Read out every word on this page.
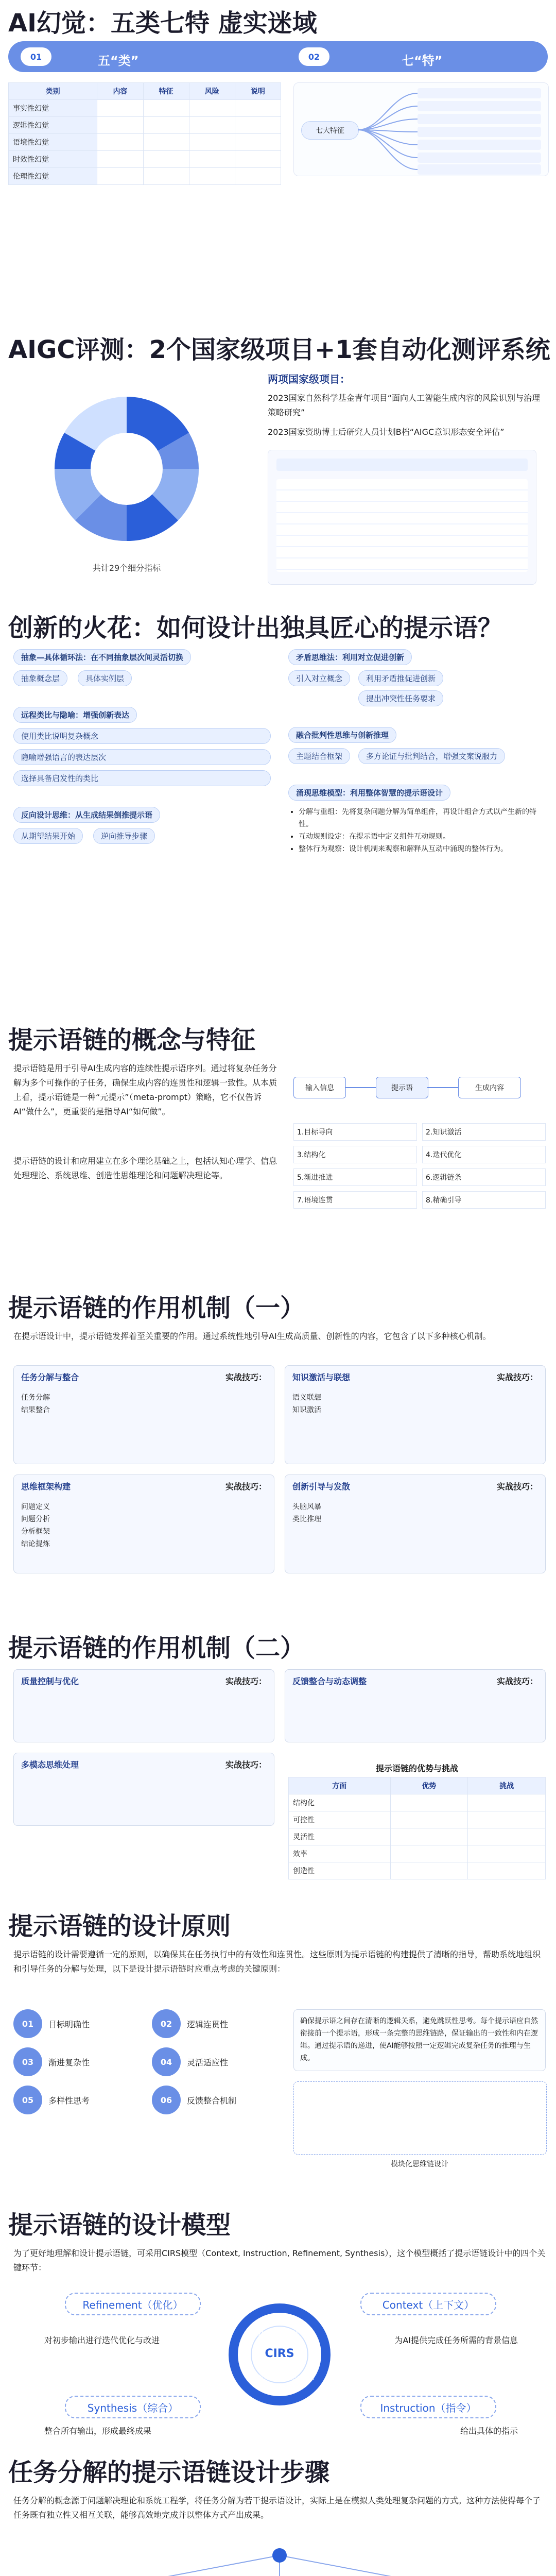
AI幻觉：五类七特 虚实迷域
01	五“类”	02	七“特”
类别	内容	特征	风险	说明
事实性幻觉				
逻辑性幻觉				
语境性幻觉				
时效性幻觉				
伦理性幻觉				
七大特征
AIGC评测：2个国家级项目+1套自动化测评系统
共计29个细分指标
两项国家级项目：
2023国家自然科学基金青年项目“面向人工智能生成内容的风险识别与治理策略研究”
2023国家资助博士后研究人员计划B档“AIGC意识形态安全评估”
创新的火花：如何设计出独具匠心的提示语？
抽象—具体循环法：在不同抽象层次间灵活切换
抽象概念层	具体实例层
远程类比与隐喻：增强创新表达
使用类比说明复杂概念
隐喻增强语言的表达层次
选择具备启发性的类比
反向设计思维：从生成结果倒推提示语
从期望结果开始	逆向推导步骤
矛盾思维法：利用对立促进创新
引入对立概念	利用矛盾推促进创新
提出冲突性任务要求
融合批判性思维与创新推理
主题结合框架	多方论证与批判结合，增强文案说服力
涌现思维模型：利用整体智慧的提示语设计
• 分解与重组：先将复杂问题分解为简单组件，再设计组合方式以产生新的特性。
• 互动规则设定：在提示语中定义组件互动规则。
• 整体行为观察：设计机制来观察和解释从互动中涌现的整体行为。
提示语链的概念与特征
提示语链是用于引导AI生成内容的连续性提示语序列。通过将复杂任务分解为多个可操作的子任务，确保生成内容的连贯性和逻辑一致性。从本质上看，提示语链是一种“元提示”（meta-prompt）策略，它不仅告诉AI“做什么”，更重要的是指导AI“如何做”。
提示语链的设计和应用建立在多个理论基础之上，包括认知心理学、信息处理理论、系统思维、创造性思维理论和问题解决理论等。
输入信息	提示语	生成内容
1.目标导向	2.知识激活
3.结构化	4.迭代优化
5.渐进推进	6.逻辑链条
7.语境连贯	8.精确引导
提示语链的作用机制（一）
在提示语设计中，提示语链发挥着至关重要的作用。通过系统性地引导AI生成高质量、创新性的内容，它包含了以下多种核心机制。
任务分解与整合	实战技巧：
任务分解
结果整合
知识激活与联想	实战技巧：
语义联想
知识激活
思维框架构建	实战技巧：
问题定义
问题分析
分析框架
结论提炼
创新引导与发散	实战技巧：
头脑风暴
类比推理
提示语链的作用机制（二）
质量控制与优化	实战技巧：	反馈整合与动态调整	实战技巧：
多模态思维处理	实战技巧：	提示语链的优势与挑战
方面	优势	挑战
结构化		
可控性		
灵活性		
效率		
创造性		
提示语链的设计原则
提示语链的设计需要遵循一定的原则，以确保其在任务执行中的有效性和连贯性。这些原则为提示语链的构建提供了清晰的指导，帮助系统地组织和引导任务的分解与处理，以下是设计提示语链时应重点考虑的关键原则：
01	目标明确性	02	逻辑连贯性
03	渐进复杂性	04	灵活适应性
05	多样性思考	06	反馈整合机制
确保提示语之间存在清晰的逻辑关系，避免跳跃性思考。每个提示语应自然衔接前一个提示语，形成一条完整的思维链路，保证输出的一致性和内在逻辑。通过提示语的递进，使AI能够按照一定逻辑完成复杂任务的推理与生成。
模块化思维链设计
提示语链的设计模型
为了更好地理解和设计提示语链，可采用CIRS模型（Context, Instruction, Refinement, Synthesis），这个模型概括了提示语链设计中的四个关键环节：
Refinement（优化）	Context（上下文）
Synthesis（综合）	Instruction（指令）
对初步输出进行迭代优化与改进	为AI提供完成任务所需的背景信息
整合所有输出，形成最终成果	给出具体的指示
CIRS
Synthesis
Context
Instruction
Refinement
任务分解的提示语链设计步骤
任务分解的概念源于问题解决理论和系统工程学，将任务分解为若干提示语设计，实际上是在模拟人类处理复杂问题的方式。这种方法使得每个子任务既有独立性又相互关联，能够高效地完成并以整体方式产出成果。
